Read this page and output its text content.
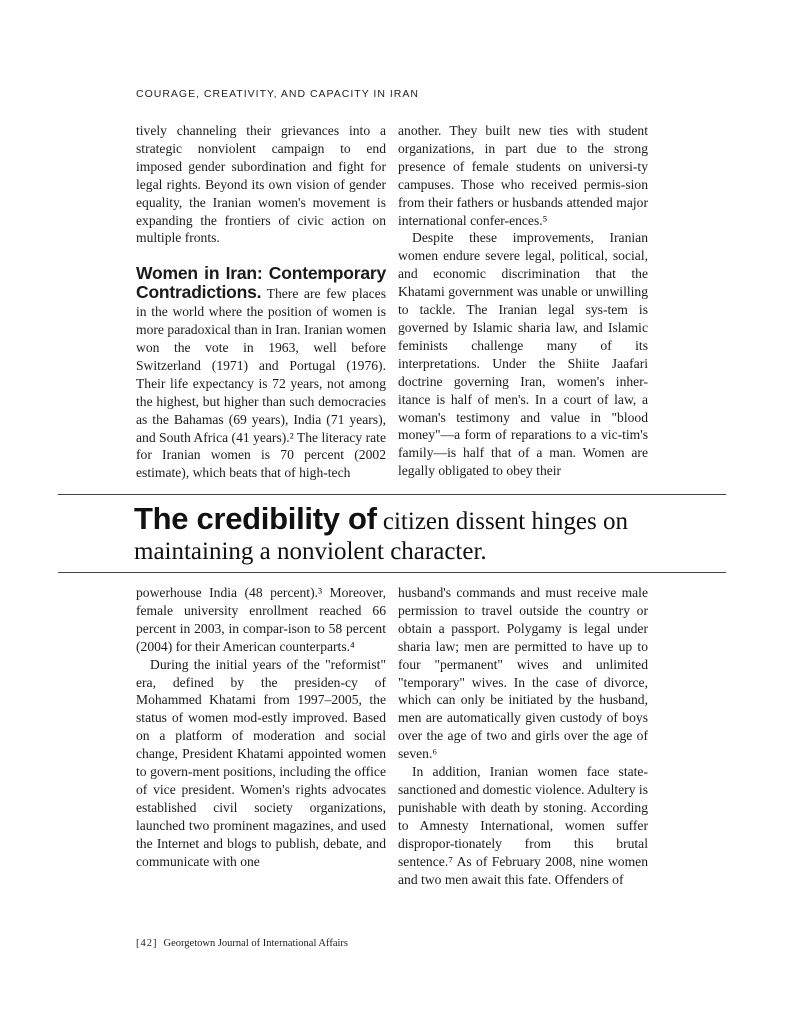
COURAGE, CREATIVITY, AND CAPACITY IN IRAN

tively channeling their grievances into a strategic nonviolent campaign to end imposed gender subordination and fight for legal rights. Beyond its own vision of gender equality, the Iranian women's movement is expanding the frontiers of civic action on multiple fronts.

Women in Iran: Contemporary Contradictions. There are few places in the world where the position of women is more paradoxical than in Iran. Iranian women won the vote in 1963, well before Switzerland (1971) and Portugal (1976). Their life expectancy is 72 years, not among the highest, but higher than such democracies as the Bahamas (69 years), India (71 years), and South Africa (41 years).² The literacy rate for Iranian women is 70 percent (2002 estimate), which beats that of high-tech

another. They built new ties with student organizations, in part due to the strong presence of female students on universi-ty campuses. Those who received permis-sion from their fathers or husbands attended major international confer-ences.⁵

Despite these improvements, Iranian women endure severe legal, political, social, and economic discrimination that the Khatami government was unable or unwilling to tackle. The Iranian legal sys-tem is governed by Islamic sharia law, and Islamic feminists challenge many of its interpretations. Under the Shiite Jaafari doctrine governing Iran, women's inher-itance is half of men's. In a court of law, a woman's testimony and value in "blood money"—a form of reparations to a vic-tim's family—is half that of a man. Women are legally obligated to obey their

The credibility of citizen dissent hinges on maintaining a nonviolent character.

powerhouse India (48 percent).³ Moreover, female university enrollment reached 66 percent in 2003, in compar-ison to 58 percent (2004) for their American counterparts.⁴

During the initial years of the "reformist" era, defined by the presiden-cy of Mohammed Khatami from 1997–2005, the status of women mod-estly improved. Based on a platform of moderation and social change, President Khatami appointed women to govern-ment positions, including the office of vice president. Women's rights advocates established civil society organizations, launched two prominent magazines, and used the Internet and blogs to publish, debate, and communicate with one

husband's commands and must receive male permission to travel outside the country or obtain a passport. Polygamy is legal under sharia law; men are permitted to have up to four "permanent" wives and unlimited "temporary" wives. In the case of divorce, which can only be initiated by the husband, men are automatically given custody of boys over the age of two and girls over the age of seven.⁶

In addition, Iranian women face state-sanctioned and domestic violence. Adultery is punishable with death by stoning. According to Amnesty International, women suffer dispropor-tionately from this brutal sentence.⁷ As of February 2008, nine women and two men await this fate. Offenders of

[42] Georgetown Journal of International Affairs
